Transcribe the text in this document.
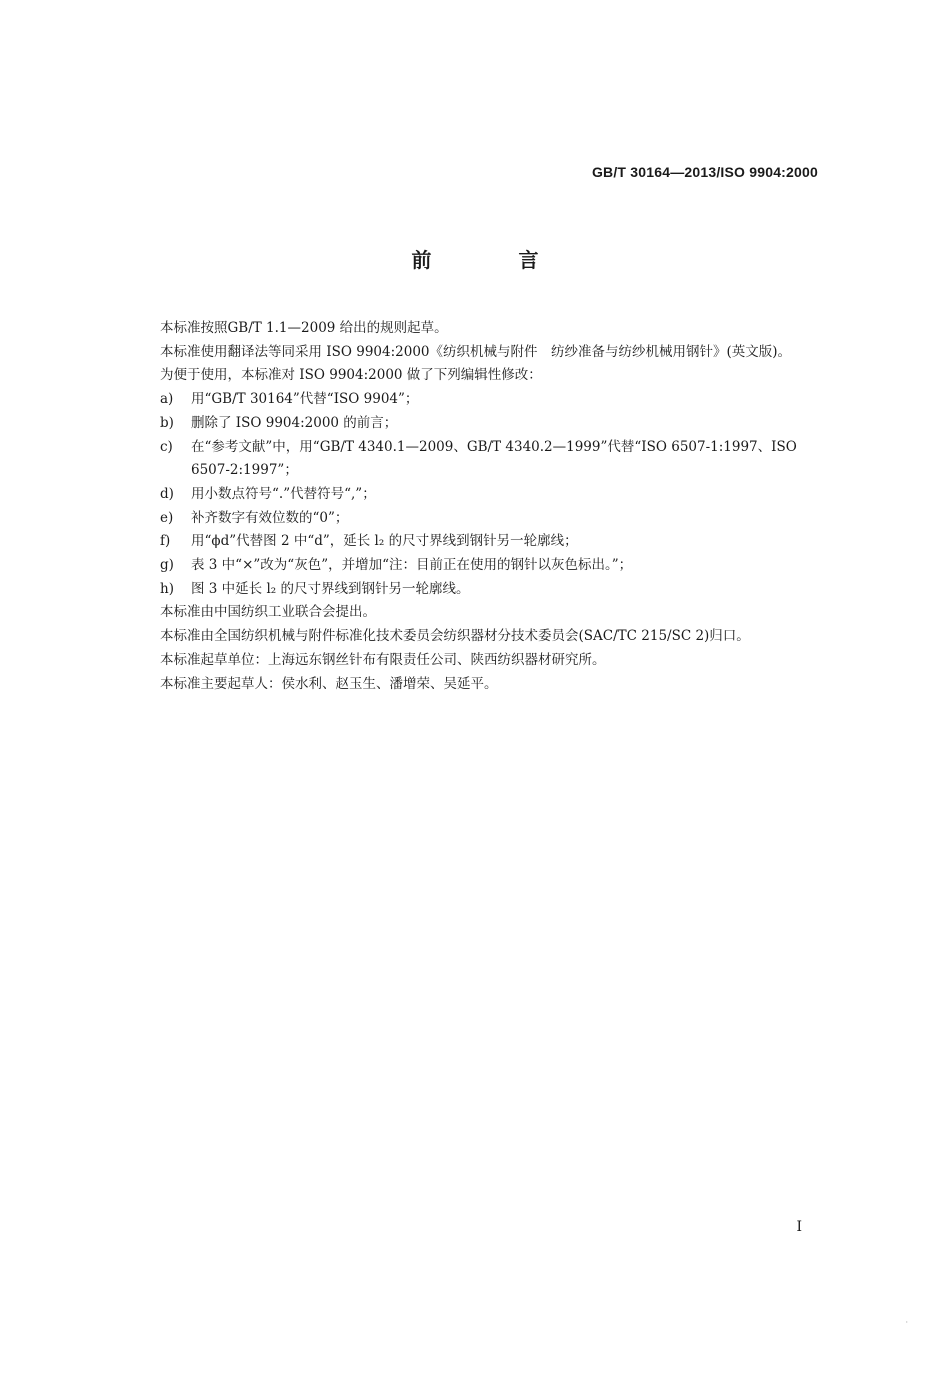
GB/T 30164—2013/ISO 9904:2000
前 言

本标准按照GB/T 1.1—2009 给出的规则起草。

本标准使用翻译法等同采用 ISO 9904:2000《纺织机械与附件　纺纱准备与纺纱机械用钢针》(英文版)。

为便于使用，本标准对 ISO 9904:2000 做了下列编辑性修改：

a) 用“GB/T 30164”代替“ISO 9904”；
b) 删除了 ISO 9904:2000 的前言；
c) 在“参考文献”中，用“GB/T 4340.1—2009、GB/T 4340.2—1999”代替“ISO 6507-1:1997、ISO 6507-2:1997”；
d) 用小数点符号“.”代替符号“,”；
e) 补齐数字有效位数的“0”；
f) 用“ϕd”代替图 2 中“d”，延长 l₂ 的尺寸界线到钢针另一轮廓线；
g) 表 3 中“×”改为“灰色”，并增加“注：目前正在使用的钢针以灰色标出。”；
h) 图 3 中延长 l₂ 的尺寸界线到钢针另一轮廓线。

本标准由中国纺织工业联合会提出。

本标准由全国纺织机械与附件标准化技术委员会纺织器材分技术委员会(SAC/TC 215/SC 2)归口。

本标准起草单位：上海远东钢丝针布有限责任公司、陕西纺织器材研究所。

本标准主要起草人：侯水利、赵玉生、潘增荣、吴延平。

I
·
